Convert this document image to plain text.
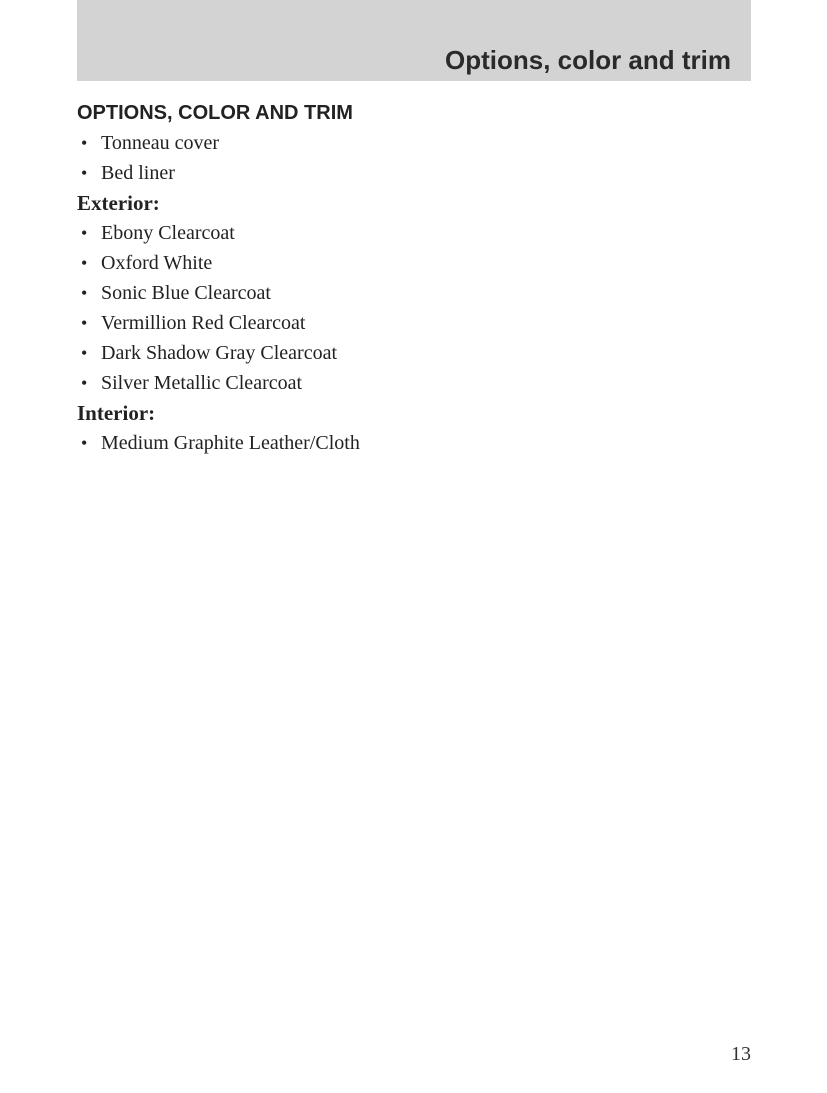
Options, color and trim
OPTIONS, COLOR AND TRIM
• Tonneau cover
• Bed liner
Exterior:
• Ebony Clearcoat
• Oxford White
• Sonic Blue Clearcoat
• Vermillion Red Clearcoat
• Dark Shadow Gray Clearcoat
• Silver Metallic Clearcoat
Interior:
• Medium Graphite Leather/Cloth
13
